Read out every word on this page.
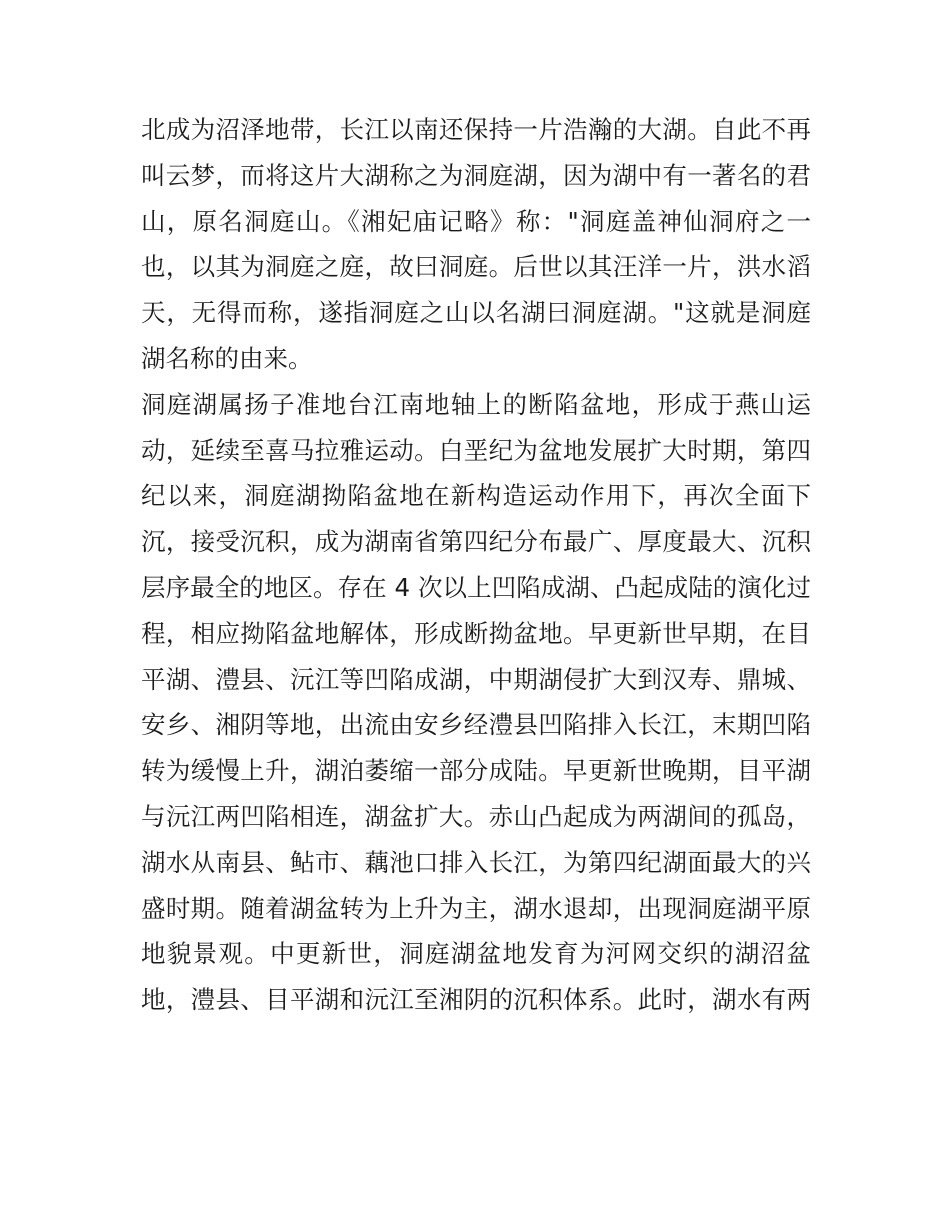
北成为沼泽地带，长江以南还保持一片浩瀚的大湖。自此不再
叫云梦，而将这片大湖称之为洞庭湖，因为湖中有一著名的君
山，原名洞庭山。《湘妃庙记略》称："洞庭盖神仙洞府之一
也，以其为洞庭之庭，故曰洞庭。后世以其汪洋一片，洪水滔
天，无得而称，遂指洞庭之山以名湖曰洞庭湖。"这就是洞庭
湖名称的由来。

洞庭湖属扬子准地台江南地轴上的断陷盆地，形成于燕山运
动，延续至喜马拉雅运动。白垩纪为盆地发展扩大时期，第四
纪以来，洞庭湖拗陷盆地在新构造运动作用下，再次全面下
沉，接受沉积，成为湖南省第四纪分布最广、厚度最大、沉积
层序最全的地区。存在 4 次以上凹陷成湖、凸起成陆的演化过
程，相应拗陷盆地解体，形成断拗盆地。早更新世早期，在目
平湖、澧县、沅江等凹陷成湖，中期湖侵扩大到汉寿、鼎城、
安乡、湘阴等地，出流由安乡经澧县凹陷排入长江，末期凹陷
转为缓慢上升，湖泊萎缩一部分成陆。早更新世晚期，目平湖
与沅江两凹陷相连，湖盆扩大。赤山凸起成为两湖间的孤岛，
湖水从南县、鲇市、藕池口排入长江，为第四纪湖面最大的兴
盛时期。随着湖盆转为上升为主，湖水退却，出现洞庭湖平原
地貌景观。中更新世，洞庭湖盆地发育为河网交织的湖沼盆
地，澧县、目平湖和沅江至湘阴的沉积体系。此时，湖水有两
